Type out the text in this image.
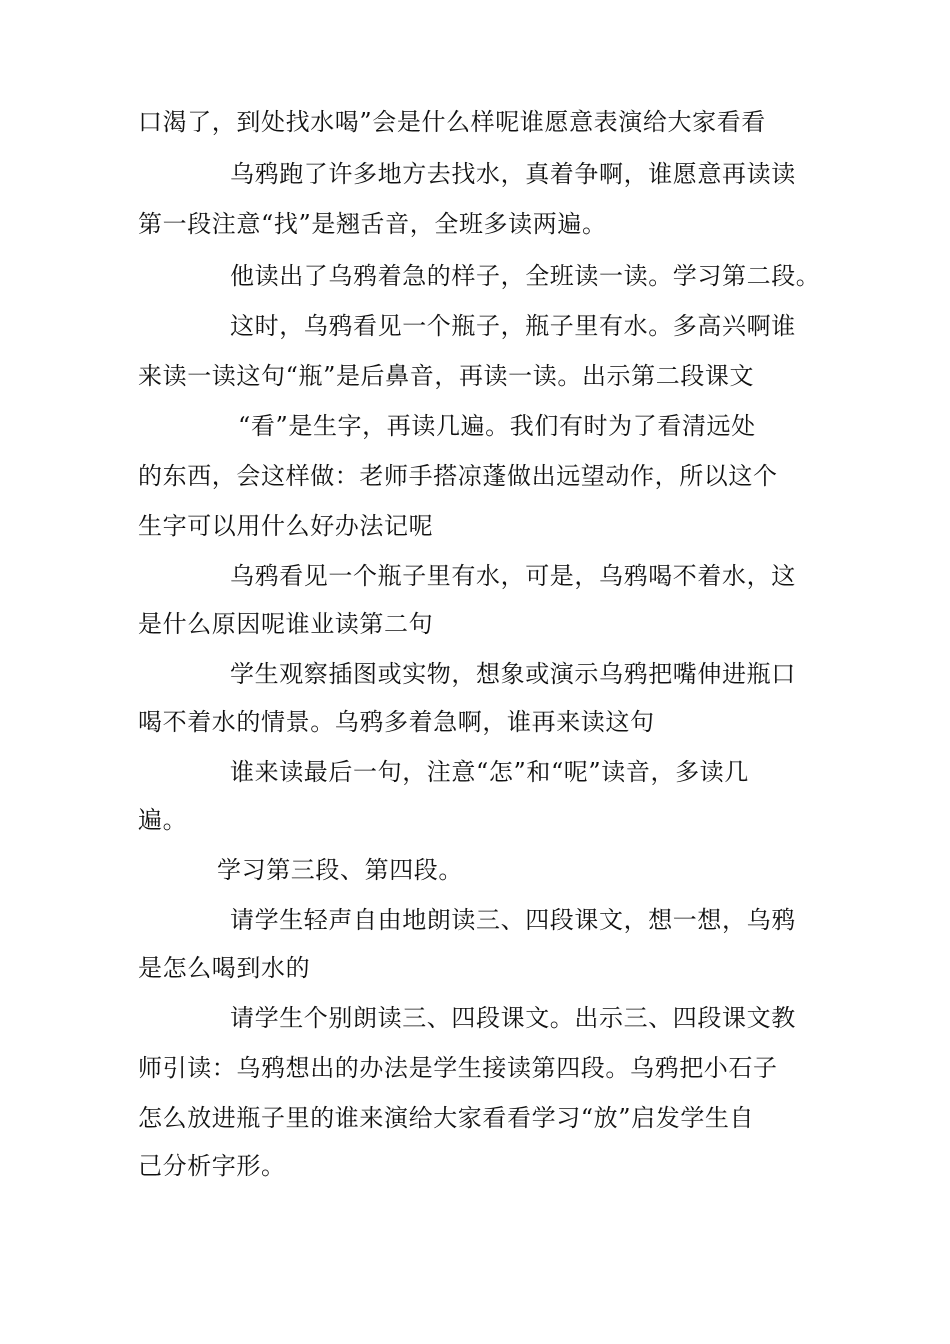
口渴了，到处找水喝”会是什么样呢谁愿意表演给大家看看
乌鸦跑了许多地方去找水，真着争啊，谁愿意再读读
第一段注意“找”是翘舌音，全班多读两遍。
他读出了乌鸦着急的样子，全班读一读。学习第二段。
这时，乌鸦看见一个瓶子，瓶子里有水。多高兴啊谁
来读一读这句“瓶”是后鼻音，再读一读。出示第二段课文
“看”是生字，再读几遍。我们有时为了看清远处
的东西，会这样做：老师手搭凉蓬做出远望动作，所以这个
生字可以用什么好办法记呢
乌鸦看见一个瓶子里有水，可是，乌鸦喝不着水，这
是什么原因呢谁业读第二句
学生观察插图或实物，想象或演示乌鸦把嘴伸进瓶口
喝不着水的情景。乌鸦多着急啊，谁再来读这句
谁来读最后一句，注意“怎”和“呢”读音，多读几
遍。
学习第三段、第四段。
请学生轻声自由地朗读三、四段课文，想一想，乌鸦
是怎么喝到水的
请学生个别朗读三、四段课文。出示三、四段课文教
师引读：乌鸦想出的办法是学生接读第四段。乌鸦把小石子
怎么放进瓶子里的谁来演给大家看看学习“放”启发学生自
己分析字形。
